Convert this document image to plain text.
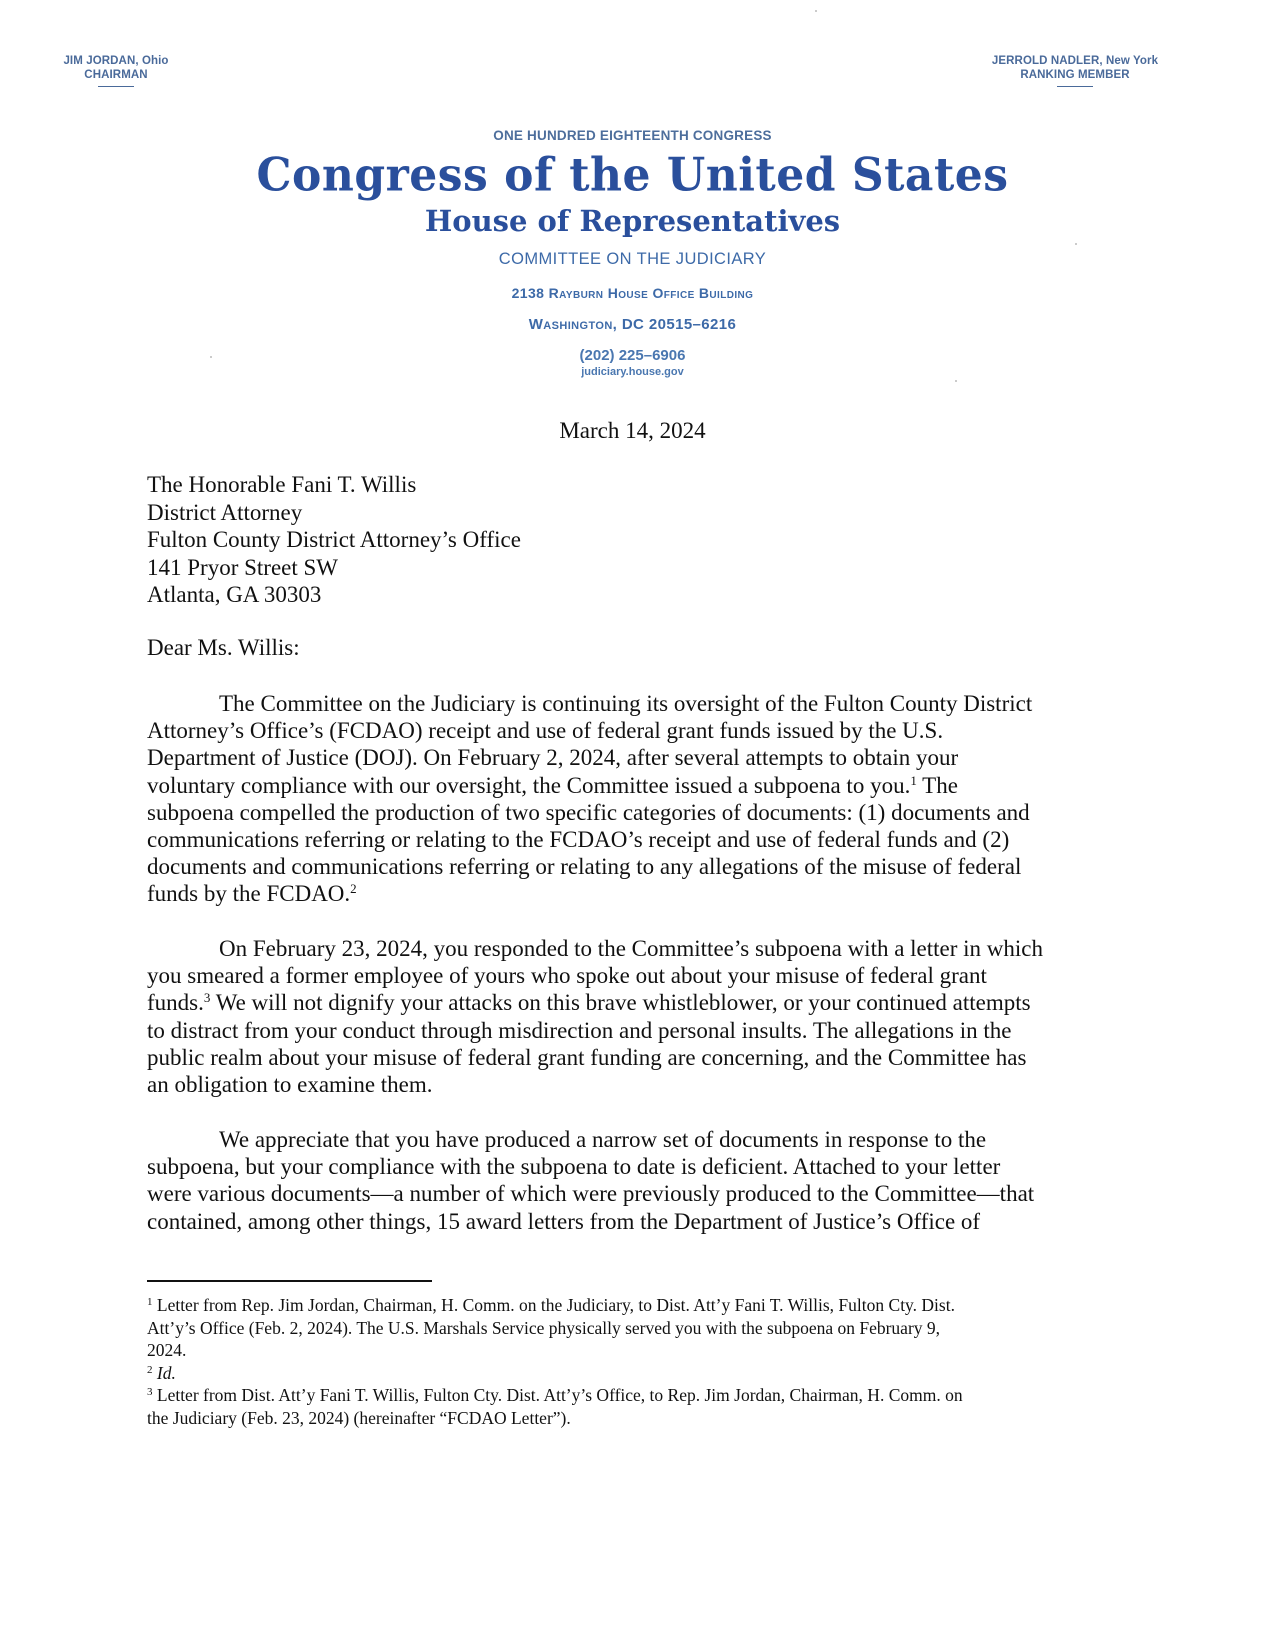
JIM JORDAN, Ohio
CHAIRMAN
JERROLD NADLER, New York
RANKING MEMBER
ONE HUNDRED EIGHTEENTH CONGRESS
Congress of the United States
House of Representatives
COMMITTEE ON THE JUDICIARY
2138 Rayburn House Office Building
Washington, DC 20515–6216
(202) 225–6906
judiciary.house.gov
March 14, 2024
The Honorable Fani T. Willis
District Attorney
Fulton County District Attorney’s Office
141 Pryor Street SW
Atlanta, GA 30303
Dear Ms. Willis:
The Committee on the Judiciary is continuing its oversight of the Fulton County District
Attorney’s Office’s (FCDAO) receipt and use of federal grant funds issued by the U.S.
Department of Justice (DOJ). On February 2, 2024, after several attempts to obtain your
voluntary compliance with our oversight, the Committee issued a subpoena to you.$^1$ The
subpoena compelled the production of two specific categories of documents: (1) documents and
communications referring or relating to the FCDAO’s receipt and use of federal funds and (2)
documents and communications referring or relating to any allegations of the misuse of federal
funds by the FCDAO.$^2$
On February 23, 2024, you responded to the Committee’s subpoena with a letter in which
you smeared a former employee of yours who spoke out about your misuse of federal grant
funds.$^3$ We will not dignify your attacks on this brave whistleblower, or your continued attempts
to distract from your conduct through misdirection and personal insults. The allegations in the
public realm about your misuse of federal grant funding are concerning, and the Committee has
an obligation to examine them.
We appreciate that you have produced a narrow set of documents in response to the
subpoena, but your compliance with the subpoena to date is deficient. Attached to your letter
were various documents—a number of which were previously produced to the Committee—that
contained, among other things, 15 award letters from the Department of Justice’s Office of
$^1$ Letter from Rep. Jim Jordan, Chairman, H. Comm. on the Judiciary, to Dist. Att’y Fani T. Willis, Fulton Cty. Dist.
Att’y’s Office (Feb. 2, 2024). The U.S. Marshals Service physically served you with the subpoena on February 9,
2024.
$^2$ Id.
$^3$ Letter from Dist. Att’y Fani T. Willis, Fulton Cty. Dist. Att’y’s Office, to Rep. Jim Jordan, Chairman, H. Comm. on
the Judiciary (Feb. 23, 2024) (hereinafter “FCDAO Letter”).
